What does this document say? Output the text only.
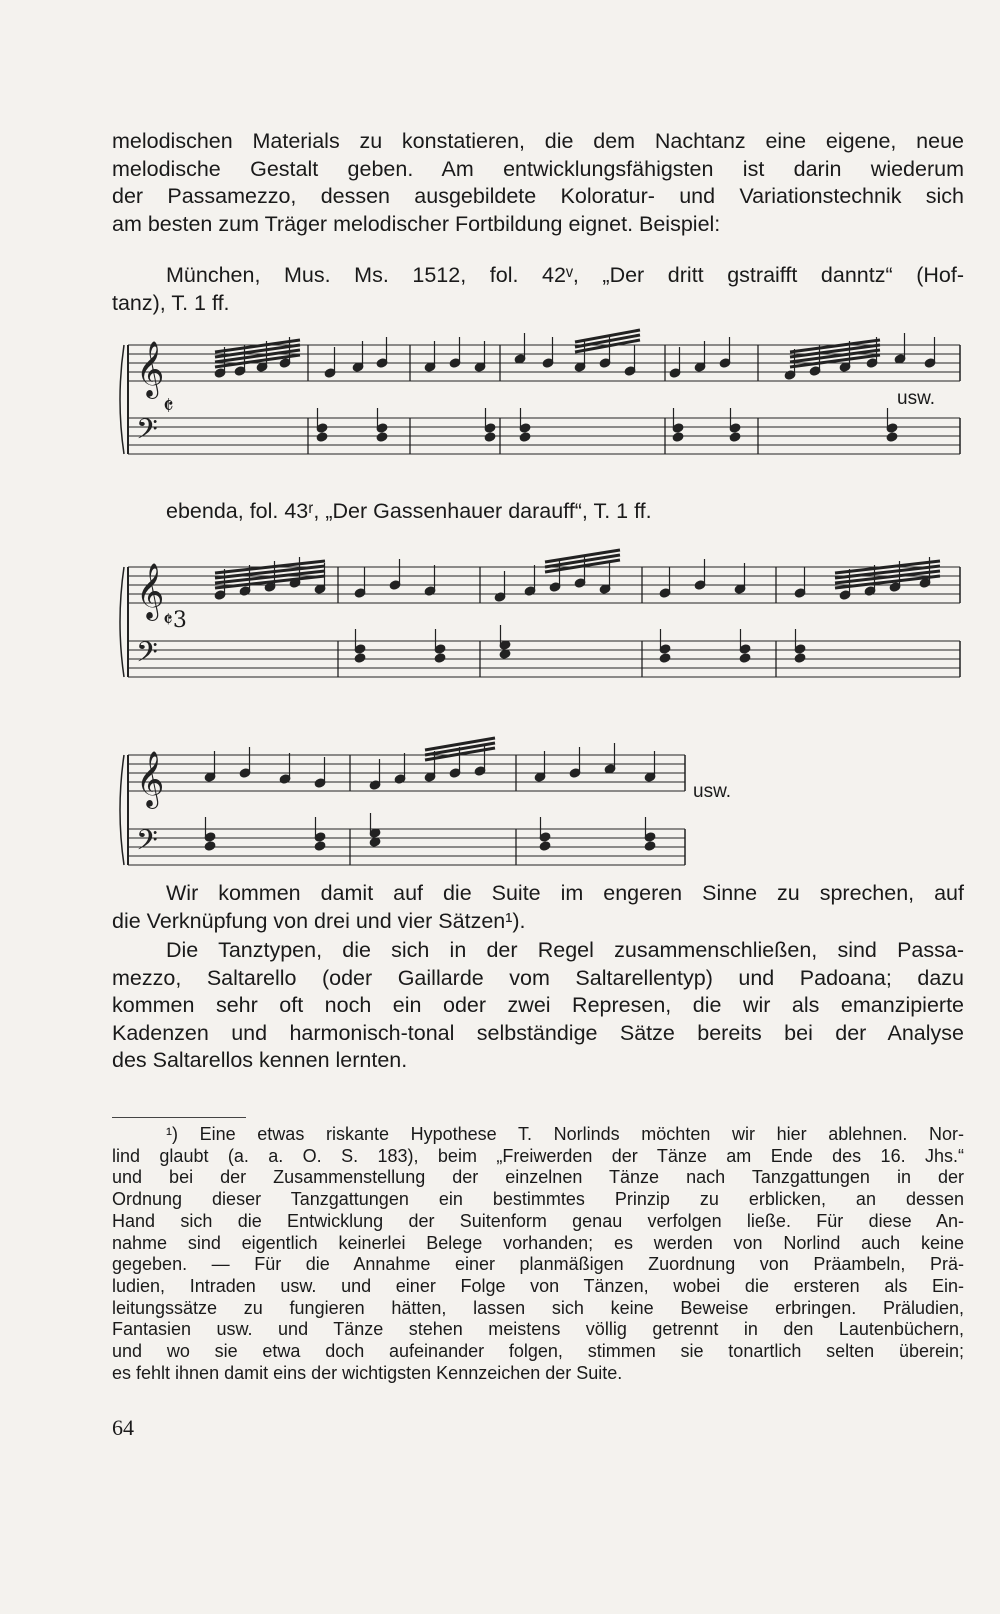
melodischen Materials zu konstatieren, die dem Nachtanz eine eigene, neue
melodische Gestalt geben. Am entwicklungsfähigsten ist darin wiederum
der Passamezzo, dessen ausgebildete Koloratur- und Variationstechnik sich
am besten zum Träger melodischer Fortbildung eignet. Beispiel:
München, Mus. Ms. 1512, fol. 42ᵛ, „Der dritt gstraifft danntz“ (Hof-
tanz), T. 1 ff.
𝄞
𝄢
𝄞
𝄢
𝄞
𝄢
𝄵	usw.
ebenda, fol. 43ʳ, „Der Gassenhauer darauff“, T. 1 ff.
𝄵3
usw.
Wir kommen damit auf die Suite im engeren Sinne zu sprechen, auf
die Verknüpfung von drei und vier Sätzen¹).
Die Tanztypen, die sich in der Regel zusammenschließen, sind Passa-
mezzo, Saltarello (oder Gaillarde vom Saltarellentyp) und Padoana; dazu
kommen sehr oft noch ein oder zwei Represen, die wir als emanzipierte
Kadenzen und harmonisch-tonal selbständige Sätze bereits bei der Analyse
des Saltarellos kennen lernten.
¹) Eine etwas riskante Hypothese T. Norlinds möchten wir hier ablehnen. Nor-
lind glaubt (a. a. O. S. 183), beim „Freiwerden der Tänze am Ende des 16. Jhs.“
und bei der Zusammenstellung der einzelnen Tänze nach Tanzgattungen in der
Ordnung dieser Tanzgattungen ein bestimmtes Prinzip zu erblicken, an dessen
Hand sich die Entwicklung der Suitenform genau verfolgen ließe. Für diese An-
nahme sind eigentlich keinerlei Belege vorhanden; es werden von Norlind auch keine
gegeben. — Für die Annahme einer planmäßigen Zuordnung von Präambeln, Prä-
ludien, Intraden usw. und einer Folge von Tänzen, wobei die ersteren als Ein-
leitungssätze zu fungieren hätten, lassen sich keine Beweise erbringen. Präludien,
Fantasien usw. und Tänze stehen meistens völlig getrennt in den Lautenbüchern,
und wo sie etwa doch aufeinander folgen, stimmen sie tonartlich selten überein;
es fehlt ihnen damit eins der wichtigsten Kennzeichen der Suite.
64
